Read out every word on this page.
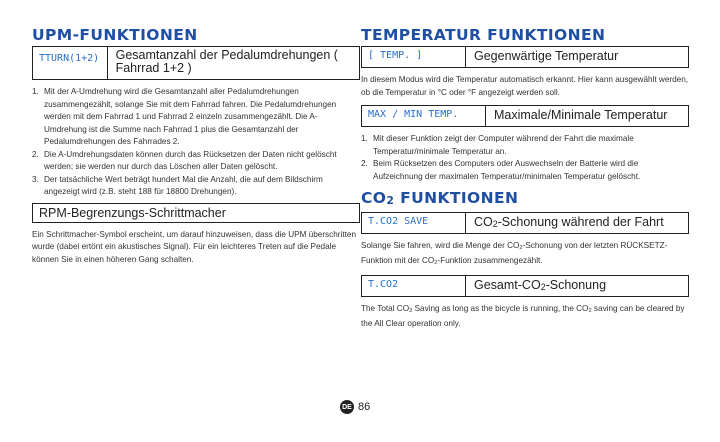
UPM-FUNKTIONEN
TTURN(1+2)	Gesamtanzahl der Pedalumdrehungen ( Fahrrad 1+2 )
1. Mit der A-Umdrehung wird die Gesamtanzahl aller Pedalumdrehungen zusammengezählt, solange Sie mit dem Fahrrad fahren. Die Pedalumdrehungen werden mit dem Fahrrad 1 und Fahrrad 2 einzeln zusammengezählt. Die A-Umdrehung ist die Summe nach Fahrrad 1 plus die Gesamtanzahl der Pedalumdrehungen des Fahrrades 2.
2. Die A-Umdrehungsdaten können durch das Rücksetzen der Daten nicht gelöscht werden; sie werden nur durch das Löschen aller Daten gelöscht.
3. Der tatsächliche Wert beträgt hundert Mal die Anzahl, die auf dem Bildschirm angezeigt wird (z.B. steht 188 für 18800 Drehungen).
RPM-Begrenzungs-Schrittmacher

Ein Schrittmacher-Symbol erscheint, um darauf hinzuweisen, dass die UPM überschritten wurde (dabei ertönt ein akustisches Signal). Für ein leichteres Treten auf die Pedale können Sie in einen höheren Gang schalten.

TEMPERATUR FUNKTIONEN
[ TEMP. ]	Gegenwärtige Temperatur

In diesem Modus wird die Temperatur automatisch erkannt. Hier kann ausgewählt werden, ob die Temperatur in °C oder °F angezeigt werden soll.

MAX / MIN TEMP.	Maximale/Minimale Temperatur
1. Mit dieser Funktion zeigt der Computer während der Fahrt die maximale Temperatur/minimale Temperatur an.
2. Beim Rücksetzen des Computers oder Auswechseln der Batterie wird die Aufzeichnung der maximalen Temperatur/minimalen Temperatur gelöscht.
CO2 FUNKTIONEN
T.CO2 SAVE	CO2-Schonung während der Fahrt

Solange Sie fahren, wird die Menge der CO2-Schonung von der letzten RÜCKSETZ-Funktion mit der CO2-Funktion zusammengezählt.

T.CO2	Gesamt-CO2-Schonung

The Total CO2 Saving as long as the bicycle is running, the CO2 saving can be cleared by the All Clear operation only.

DE 86
